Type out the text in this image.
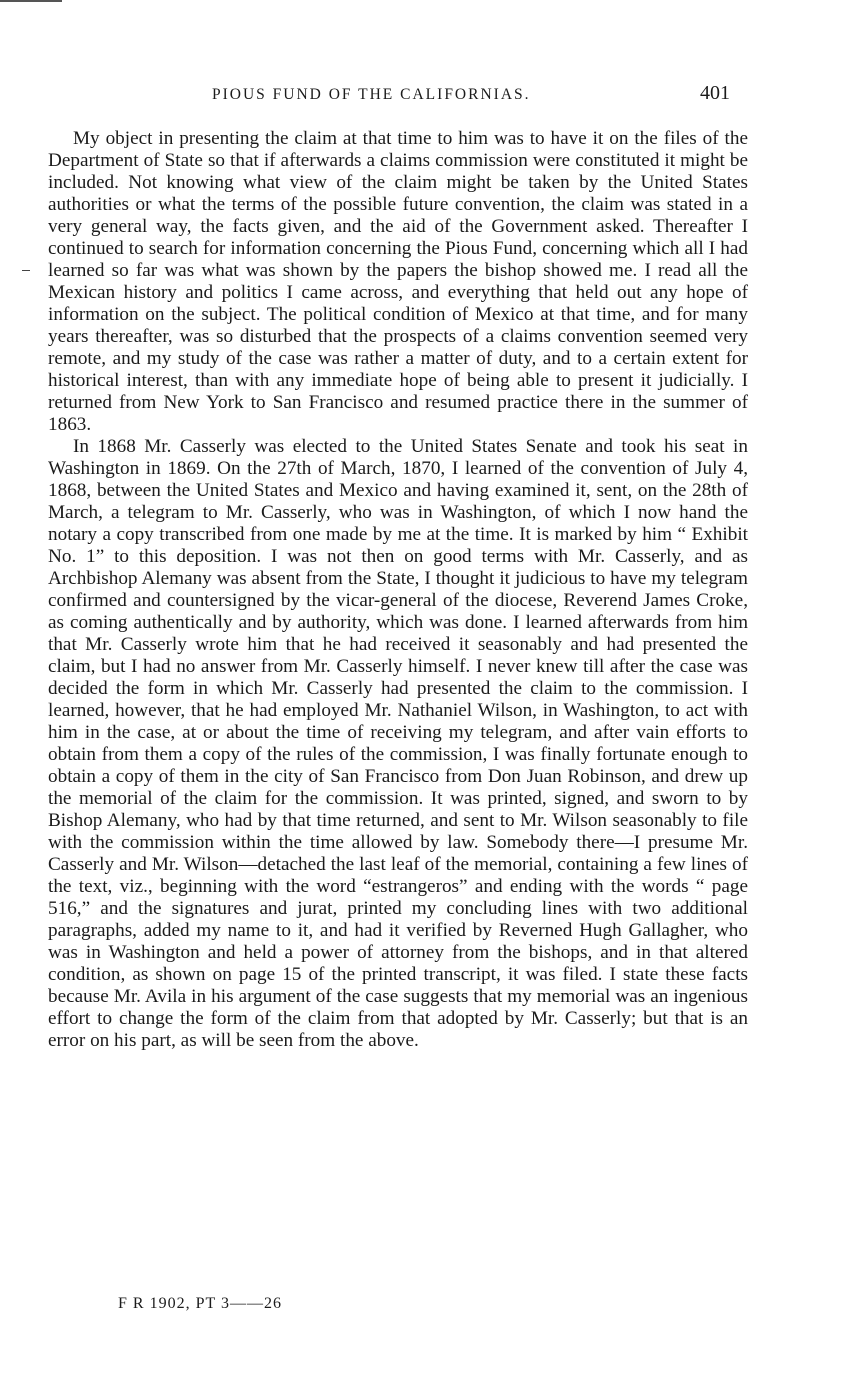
PIOUS FUND OF THE CALIFORNIAS.	401

My object in presenting the claim at that time to him was to have it on the files of the Department of State so that if afterwards a claims commission were constituted it might be included. Not knowing what view of the claim might be taken by the United States authorities or what the terms of the possible future convention, the claim was stated in a very general way, the facts given, and the aid of the Government asked. Thereafter I continued to search for information concerning the Pious Fund, concerning which all I had learned so far was what was shown by the papers the bishop showed me. I read all the Mexican history and politics I came across, and everything that held out any hope of information on the subject. The political condition of Mexico at that time, and for many years thereafter, was so disturbed that the prospects of a claims convention seemed very remote, and my study of the case was rather a matter of duty, and to a certain extent for historical interest, than with any immediate hope of being able to present it judicially. I returned from New York to San Francisco and resumed practice there in the summer of 1863.

In 1868 Mr. Casserly was elected to the United States Senate and took his seat in Washington in 1869. On the 27th of March, 1870, I learned of the convention of July 4, 1868, between the United States and Mexico and having examined it, sent, on the 28th of March, a telegram to Mr. Casserly, who was in Washington, of which I now hand the notary a copy transcribed from one made by me at the time. It is marked by him “ Exhibit No. 1” to this deposition. I was not then on good terms with Mr. Casserly, and as Archbishop Alemany was absent from the State, I thought it judicious to have my telegram confirmed and countersigned by the vicar-general of the diocese, Reverend James Croke, as coming authentically and by authority, which was done. I learned afterwards from him that Mr. Casserly wrote him that he had received it seasonably and had presented the claim, but I had no answer from Mr. Casserly himself. I never knew till after the case was decided the form in which Mr. Casserly had presented the claim to the commission. I learned, however, that he had employed Mr. Nathaniel Wilson, in Washington, to act with him in the case, at or about the time of receiving my telegram, and after vain efforts to obtain from them a copy of the rules of the commission, I was finally fortunate enough to obtain a copy of them in the city of San Francisco from Don Juan Robinson, and drew up the memorial of the claim for the commission. It was printed, signed, and sworn to by Bishop Alemany, who had by that time returned, and sent to Mr. Wilson seasonably to file with the commission within the time allowed by law. Somebody there—I presume Mr. Casserly and Mr. Wilson—detached the last leaf of the memorial, containing a few lines of the text, viz., beginning with the word “estrangeros” and ending with the words “ page 516,” and the signatures and jurat, printed my concluding lines with two additional paragraphs, added my name to it, and had it verified by Reverned Hugh Gallagher, who was in Washington and held a power of attorney from the bishops, and in that altered condition, as shown on page 15 of the printed transcript, it was filed. I state these facts because Mr. Avila in his argument of the case suggests that my memorial was an ingenious effort to change the form of the claim from that adopted by Mr. Casserly; but that is an error on his part, as will be seen from the above.

F R 1902, PT 3——26
